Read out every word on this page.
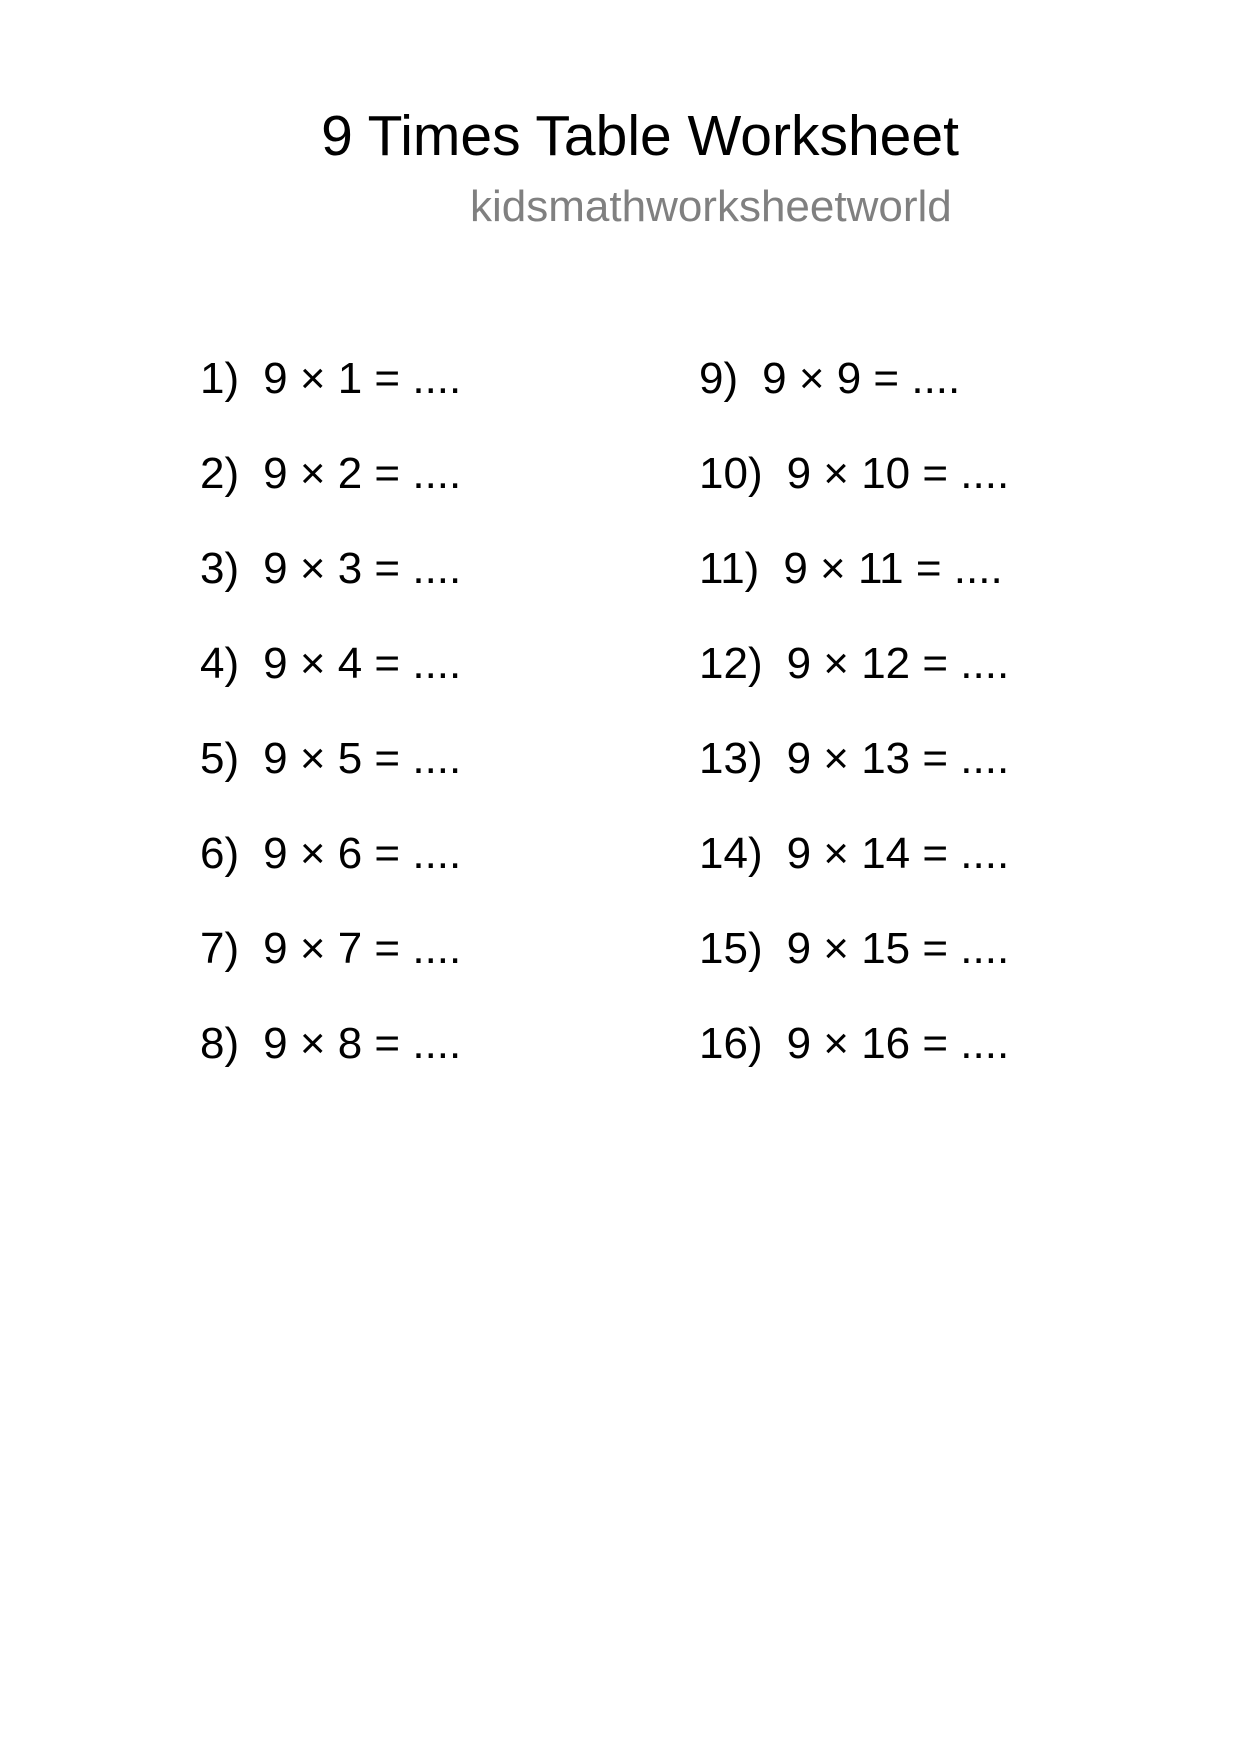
9 Times Table Worksheet
kidsmathworksheetworld
1) 9 × 1 = ....
2) 9 × 2 = ....
3) 9 × 3 = ....
4) 9 × 4 = ....
5) 9 × 5 = ....
6) 9 × 6 = ....
7) 9 × 7 = ....
8) 9 × 8 = ....
9) 9 × 9 = ....
10) 9 × 10 = ....
11) 9 × 11 = ....
12) 9 × 12 = ....
13) 9 × 13 = ....
14) 9 × 14 = ....
15) 9 × 15 = ....
16) 9 × 16 = ....
